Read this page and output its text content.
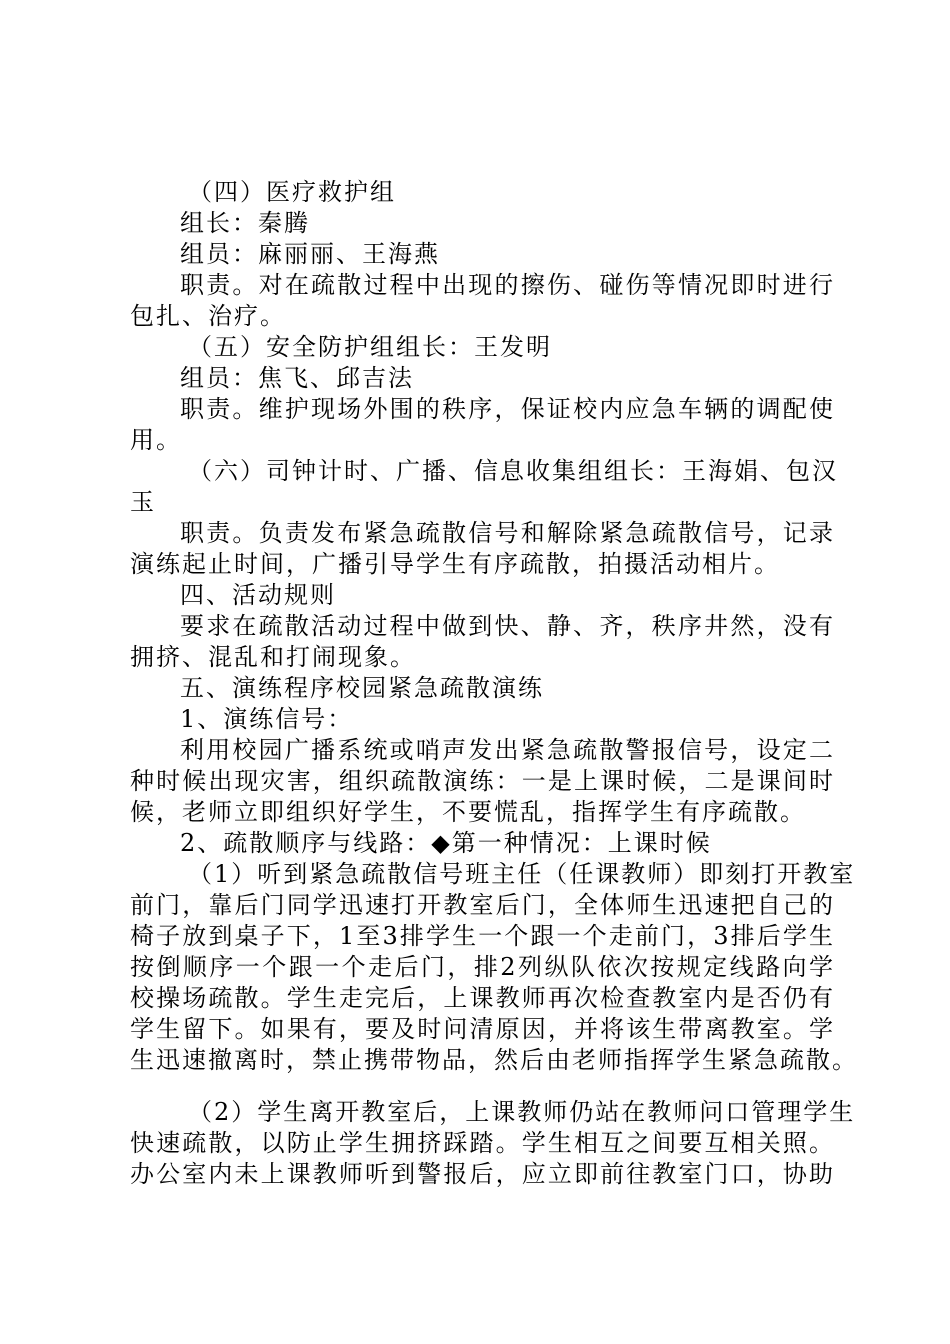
（四）医疗救护组
组长：秦腾
组员：麻丽丽、王海燕
职责。对在疏散过程中出现的擦伤、碰伤等情况即时进行
包扎、治疗。
（五）安全防护组组长：王发明
组员：焦飞、邱吉法
职责。维护现场外围的秩序，保证校内应急车辆的调配使
用。
（六）司钟计时、广播、信息收集组组长：王海娟、包汉
玉
职责。负责发布紧急疏散信号和解除紧急疏散信号，记录
演练起止时间，广播引导学生有序疏散，拍摄活动相片。
四、活动规则
要求在疏散活动过程中做到快、静、齐，秩序井然，没有
拥挤、混乱和打闹现象。
五、演练程序校园紧急疏散演练
1、演练信号：
利用校园广播系统或哨声发出紧急疏散警报信号，设定二
种时候出现灾害，组织疏散演练：一是上课时候，二是课间时
候，老师立即组织好学生，不要慌乱，指挥学生有序疏散。
2、疏散顺序与线路：◆第一种情况：上课时候
（1）听到紧急疏散信号班主任（任课教师）即刻打开教室
前门，靠后门同学迅速打开教室后门，全体师生迅速把自己的
椅子放到桌子下，1至3排学生一个跟一个走前门，3排后学生
按倒顺序一个跟一个走后门，排2列纵队依次按规定线路向学
校操场疏散。学生走完后，上课教师再次检查教室内是否仍有
学生留下。如果有，要及时问清原因，并将该生带离教室。学
生迅速撤离时，禁止携带物品，然后由老师指挥学生紧急疏散。
（2）学生离开教室后，上课教师仍站在教师问口管理学生
快速疏散，以防止学生拥挤踩踏。学生相互之间要互相关照。
办公室内未上课教师听到警报后，应立即前往教室门口，协助
